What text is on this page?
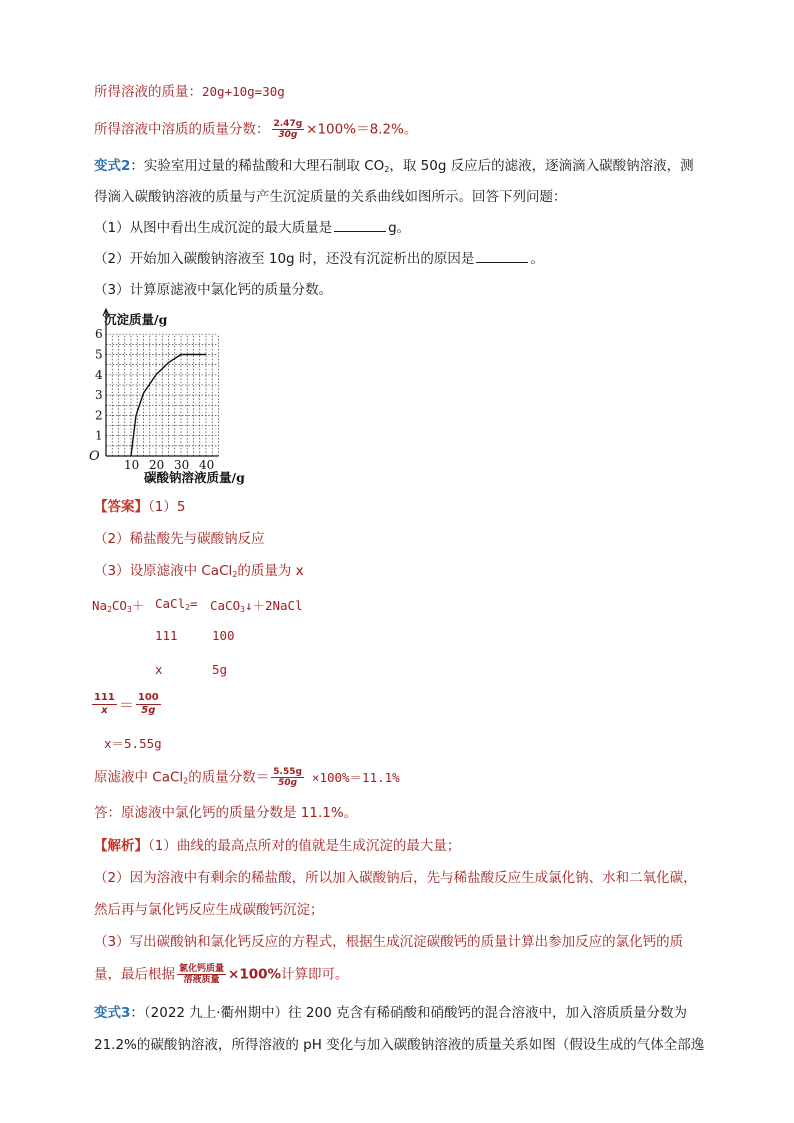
所得溶液的质量：20g+10g=30g
所得溶液中溶质的质量分数： $\frac{2.47g}{30g} \times 100\%=8.2\%$。
变式2：实验室用过量的稀盐酸和大理石制取 $CO_2$，取 50g 反应后的滤液，逐滴滴入碳酸钠溶液，测
得滴入碳酸钠溶液的质量与产生沉淀质量的关系曲线如图所示。回答下列问题：
（1）从图中看出生成沉淀的最大质量是	g。
（2）开始加入碳酸钠溶液至 10g 时，还没有沉淀析出的原因是	。
（3）计算原滤液中氯化钙的质量分数。
10 20 30 40
1
2
3
4
5
6
沉淀质量/g
碳酸钠溶液质量/g
O
【答案】（1）5
（2）稀盐酸先与碳酸钠反应
（3）设原滤液中 CaCl$_2$的质量为 x
$Na_2CO_3+$ CaCl$_2$= CaCO$_3$↓＋2NaCl
111	100
x	5g
$\frac{111}{x} = \frac{100}{5g}$
x＝5.55g
原滤液中 CaCl$_2$的质量分数＝ $\frac{5.55g}{50g} \times 100\%=11.1\%$
答：原滤液中氯化钙的质量分数是 11.1%。
【解析】（1）曲线的最高点所对的值就是生成沉淀的最大量；
（2）因为溶液中有剩余的稀盐酸，所以加入碳酸钠后，先与稀盐酸反应生成氯化钠、水和二氧化碳，
然后再与氯化钙反应生成碳酸钙沉淀；
（3）写出碳酸钠和氯化钙反应的方程式，根据生成沉淀碳酸钙的质量计算出参加反应的氯化钙的质
量，最后根据 $\frac{\text{氯化钙质量}}{\text{溶液质量}} \times 100\%$计算即可。
变式3：（2022 九上·衢州期中）往 200 克含有稀硝酸和硝酸钙的混合溶液中，加入溶质质量分数为
21.2%的碳酸钠溶液，所得溶液的 pH 变化与加入碳酸钠溶液的质量关系如图（假设生成的气体全部逸
